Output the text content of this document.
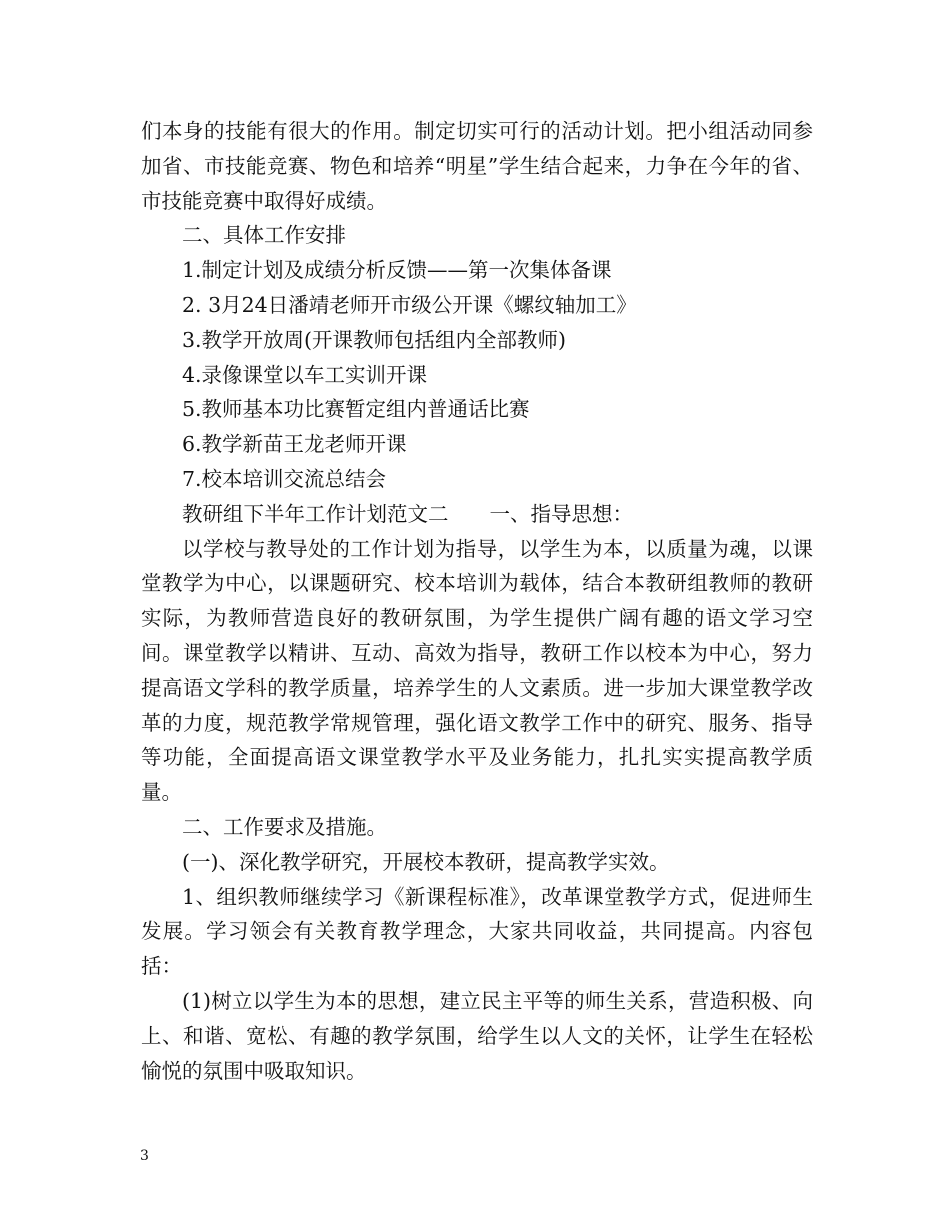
们本身的技能有很大的作用。制定切实可行的活动计划。把小组活动同参加省、市技能竞赛、物色和培养“明星”学生结合起来，力争在今年的省、市技能竞赛中取得好成绩。

二、具体工作安排

1.制定计划及成绩分析反馈——第一次集体备课

2. 3月24日潘靖老师开市级公开课《螺纹轴加工》

3.教学开放周(开课教师包括组内全部教师)

4.录像课堂以车工实训开课

5.教师基本功比赛暂定组内普通话比赛

6.教学新苗王龙老师开课

7.校本培训交流总结会

教研组下半年工作计划范文二　　一、指导思想：

以学校与教导处的工作计划为指导，以学生为本，以质量为魂，以课堂教学为中心，以课题研究、校本培训为载体，结合本教研组教师的教研实际，为教师营造良好的教研氛围，为学生提供广阔有趣的语文学习空间。课堂教学以精讲、互动、高效为指导，教研工作以校本为中心，努力提高语文学科的教学质量，培养学生的人文素质。进一步加大课堂教学改革的力度，规范教学常规管理，强化语文教学工作中的研究、服务、指导等功能，全面提高语文课堂教学水平及业务能力，扎扎实实提高教学质量。

二、工作要求及措施。

(一)、深化教学研究，开展校本教研，提高教学实效。

1、组织教师继续学习《新课程标准》，改革课堂教学方式，促进师生发展。学习领会有关教育教学理念，大家共同收益，共同提高。内容包括：

(1)树立以学生为本的思想，建立民主平等的师生关系，营造积极、向上、和谐、宽松、有趣的教学氛围，给学生以人文的关怀，让学生在轻松愉悦的氛围中吸取知识。

3
